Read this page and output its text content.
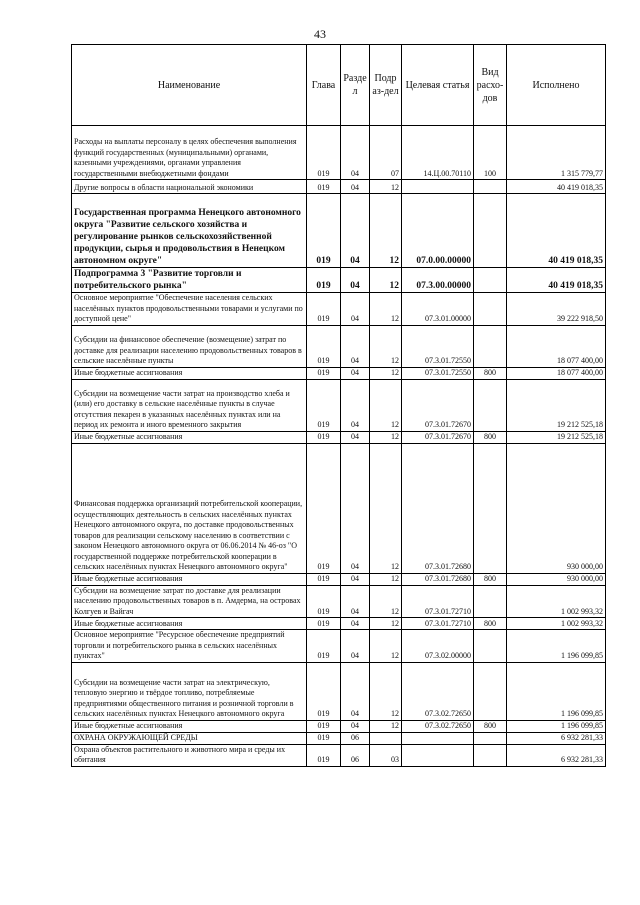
43
Наименование	Глава	Разде л	Подр аз-дел	Целевая статья	Вид расхо-дов	Исполнено
Расходы на выплаты персоналу в целях обеспечения выполнения функций государственных (муниципальными) органами, казенными учреждениями, органами управления государственными внебюджетными фондами	019	04	07	14.Ц.00.70110	100	1 315 779,77
Другие вопросы в области национальной экономики	019	04	12			40 419 018,35
Государственная программа Ненецкого автономного округа "Развитие сельского хозяйства и регулирование рынков сельскохозяйственной продукции, сырья и продовольствия в Ненецком автономном округе"	019	04	12	07.0.00.00000		40 419 018,35
Подпрограмма 3 "Развитие торговли и потребительского рынка"	019	04	12	07.3.00.00000		40 419 018,35
Основное мероприятие "Обеспечение населения сельских населённых пунктов продовольственными товарами и услугами по доступной цене"	019	04	12	07.3.01.00000		39 222 918,50
Субсидии на финансовое обеспечение (возмещение) затрат по доставке для реализации населению продовольственных товаров в сельские населённые пункты	019	04	12	07.3.01.72550		18 077 400,00
Иные бюджетные ассигнования	019	04	12	07.3.01.72550	800	18 077 400,00
Субсидии на возмещение части затрат на производство хлеба и (или) его доставку в сельские населённые пункты в случае отсутствия пекарен в указанных населённых пунктах или на период их ремонта и иного временного закрытия	019	04	12	07.3.01.72670		19 212 525,18
Иные бюджетные ассигнования	019	04	12	07.3.01.72670	800	19 212 525,18
Финансовая поддержка организаций потребительской кооперации, осуществляющих деятельность в сельских населённых пунктах Ненецкого автономного округа, по доставке продовольственных товаров для реализации сельскому населению в соответствии с законом Ненецкого автономного округа от 06.06.2014 № 46-оз "О государственной поддержке потребительской кооперации в сельских населённых пунктах Ненецкого автономного округа"	019	04	12	07.3.01.72680		930 000,00
Иные бюджетные ассигнования	019	04	12	07.3.01.72680	800	930 000,00
Субсидии на возмещение затрат по доставке для реализации населению продовольственных товаров в п. Амдерма, на островах Колгуев и Вайгач	019	04	12	07.3.01.72710		1 002 993,32
Иные бюджетные ассигнования	019	04	12	07.3.01.72710	800	1 002 993,32
Основное мероприятие "Ресурсное обеспечение предприятий торговли и потребительского рынка в сельских населённых пунктах"	019	04	12	07.3.02.00000		1 196 099,85
Субсидии на возмещение части затрат на электрическую, тепловую энергию и твёрдое топливо, потребляемые предприятиями общественного питания и розничной торговли в сельских населённых пунктах Ненецкого автономного округа	019	04	12	07.3.02.72650		1 196 099,85
Иные бюджетные ассигнования	019	04	12	07.3.02.72650	800	1 196 099,85
ОХРАНА ОКРУЖАЮЩЕЙ СРЕДЫ	019	06				6 932 281,33
Охрана объектов растительного и животного мира и среды их обитания	019	06	03			6 932 281,33
